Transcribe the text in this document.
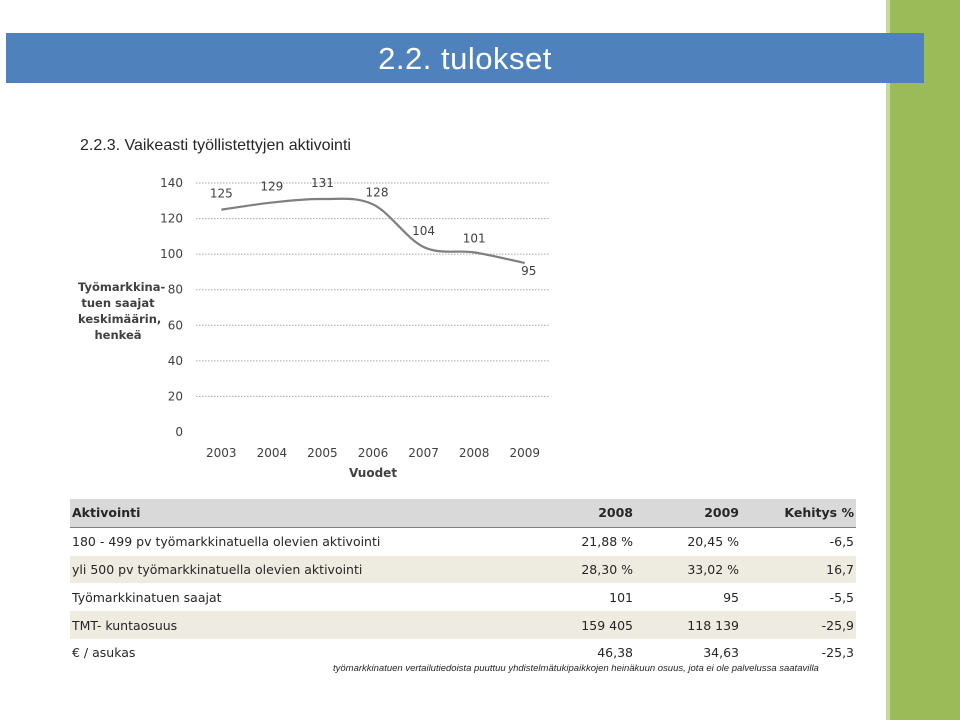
2.2. tulokset
2.2.3. Vaikeasti työllistettyjen aktivointi
0
20
40
60
80
100
120
140
2003 2004 2005 2006 2007 2008 2009
125
129 131
128
104
101
95
Vuodet
Työmarkkina-
tuen saajat
keskimäärin,
henkeä
Aktivointi	2008	2009	Kehitys %
180 - 499 pv työmarkkinatuella olevien aktivointi	21,88 %	20,45 %	-6,5
yli 500 pv työmarkkinatuella olevien aktivointi	28,30 %	33,02 %	16,7
Työmarkkinatuen saajat	101	95	-5,5
TMT- kuntaosuus	159 405	118 139	-25,9
€ / asukas	46,38	34,63	-25,3
työmarkkinatuen vertailutiedoista puuttuu yhdistelmätukipaikkojen heinäkuun osuus, jota ei ole palvelussa saatavilla
